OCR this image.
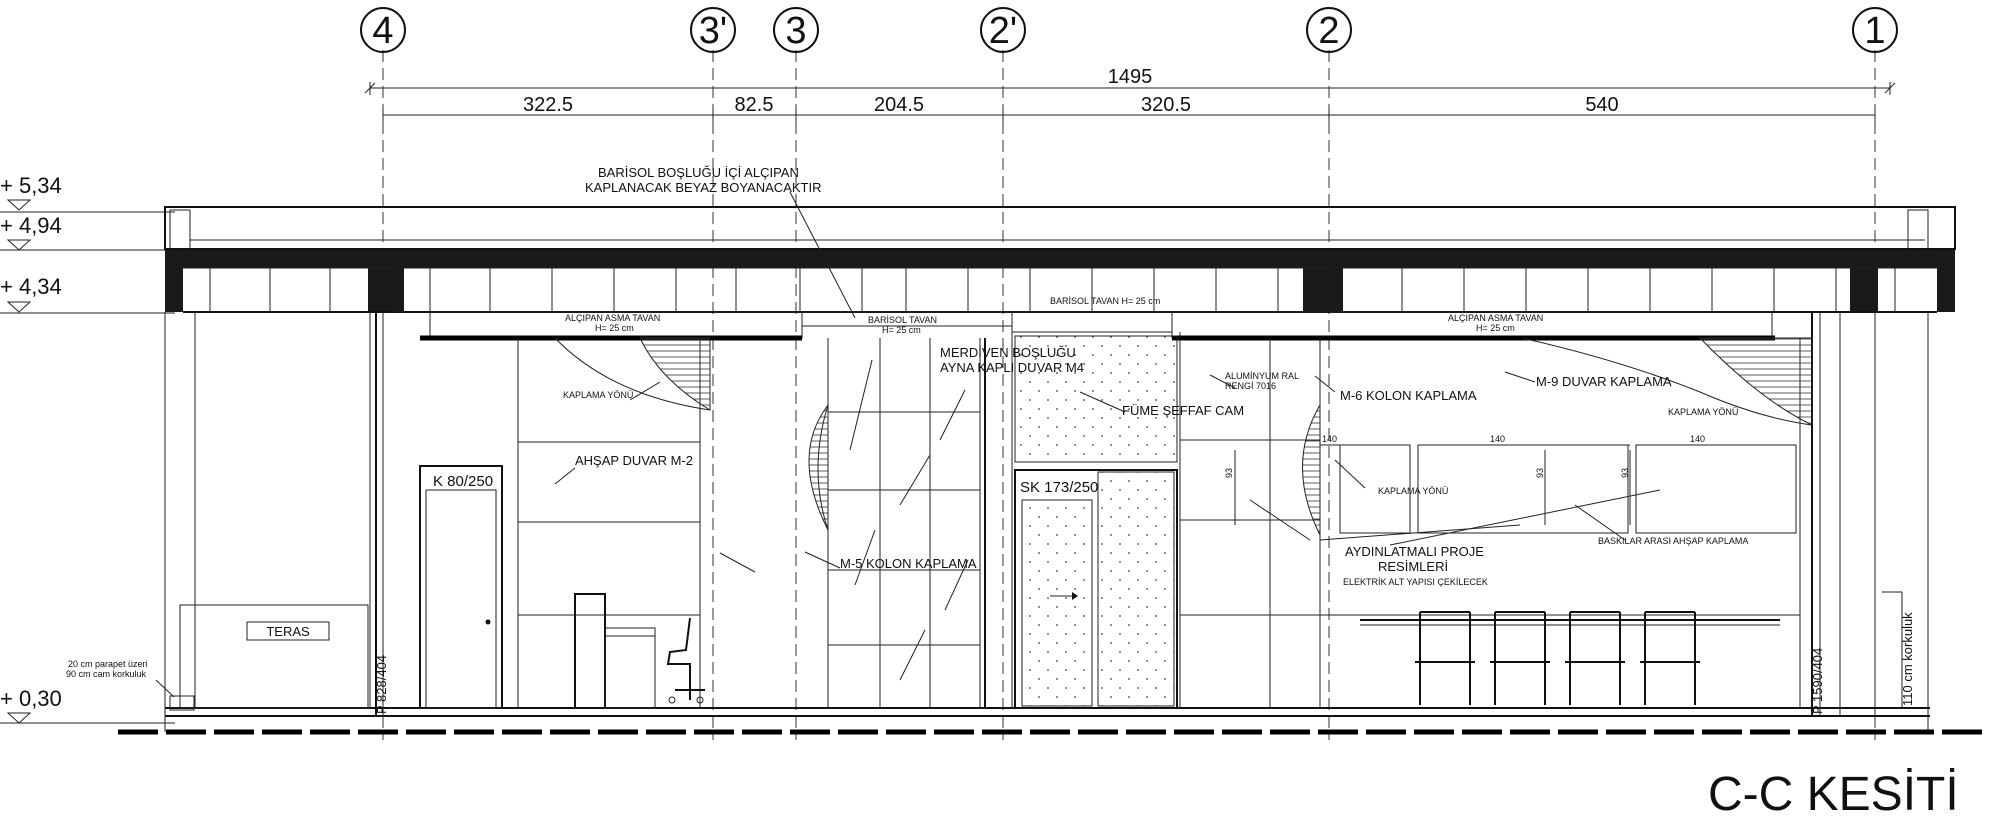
4	3' 3	2'	2	1
1495
322.5	82.5	204.5	320.5	540
+ 5,34
+ 4,94
+ 4,34
+ 0,30
BARİSOL BOŞLUĞU İÇİ ALÇIPAN
KAPLANACAK BEYAZ BOYANACAKTIR
ALÇIPAN ASMA TAVAN
H= 25 cm
BARİSOL TAVAN
H= 25 cm
BARİSOL TAVAN H= 25 cm
ALÇIPAN ASMA TAVAN
H= 25 cm
KAPLAMA YÖNÜ
AHŞAP DUVAR M-2
K 80/250
MERDİVEN BOŞLUĞU
AYNA KAPLI DUVAR M4
ALUMİNYUM RAL
RENGİ 7016
FÜME ŞEFFAF CAM
M-6 KOLON KAPLAMA
M-9 DUVAR KAPLAMA
KAPLAMA YÖNÜ
KAPLAMA YÖNÜ
M-5 KOLON KAPLAMA
SK 173/250
AYDINLATMALI PROJE
RESİMLERİ
ELEKTRİK ALT YAPISI ÇEKİLECEK
BASKILAR ARASI AHŞAP KAPLAMA
TERAS
20 cm parapet üzeri
90 cm cam korkuluk	P 828/404	P 1590/404	110 cm korkuluk
140	140	140
93	93	93
C-C KESİTİ
